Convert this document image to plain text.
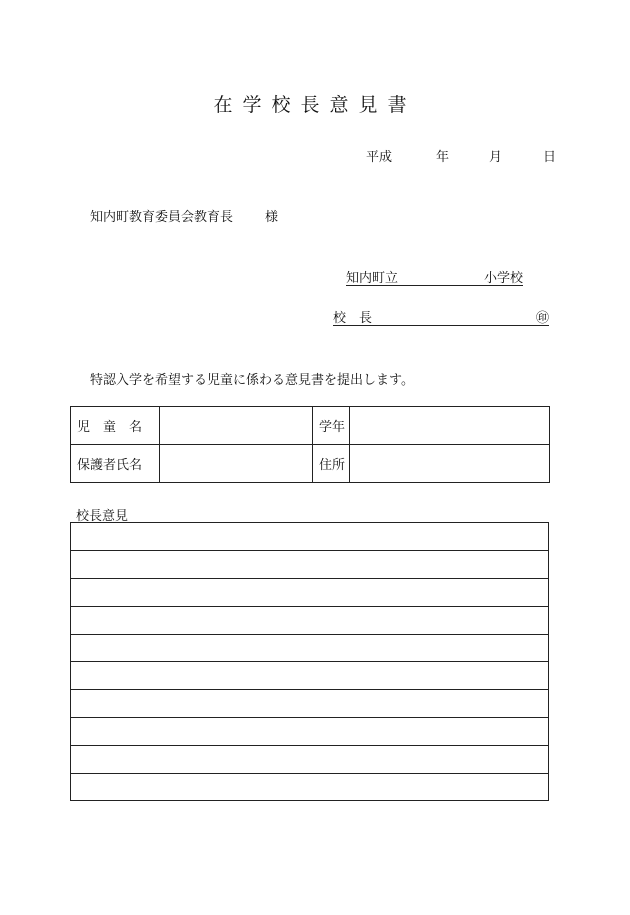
在学校長意見書
平成	年	月	日
知内町教育委員会教育長 様
知内町立	小学校
校　長	㊞
特認入学を希望する児童に係わる意見書を提出します。
児　童　名		学年	
保護者氏名		住所	
校長意見
